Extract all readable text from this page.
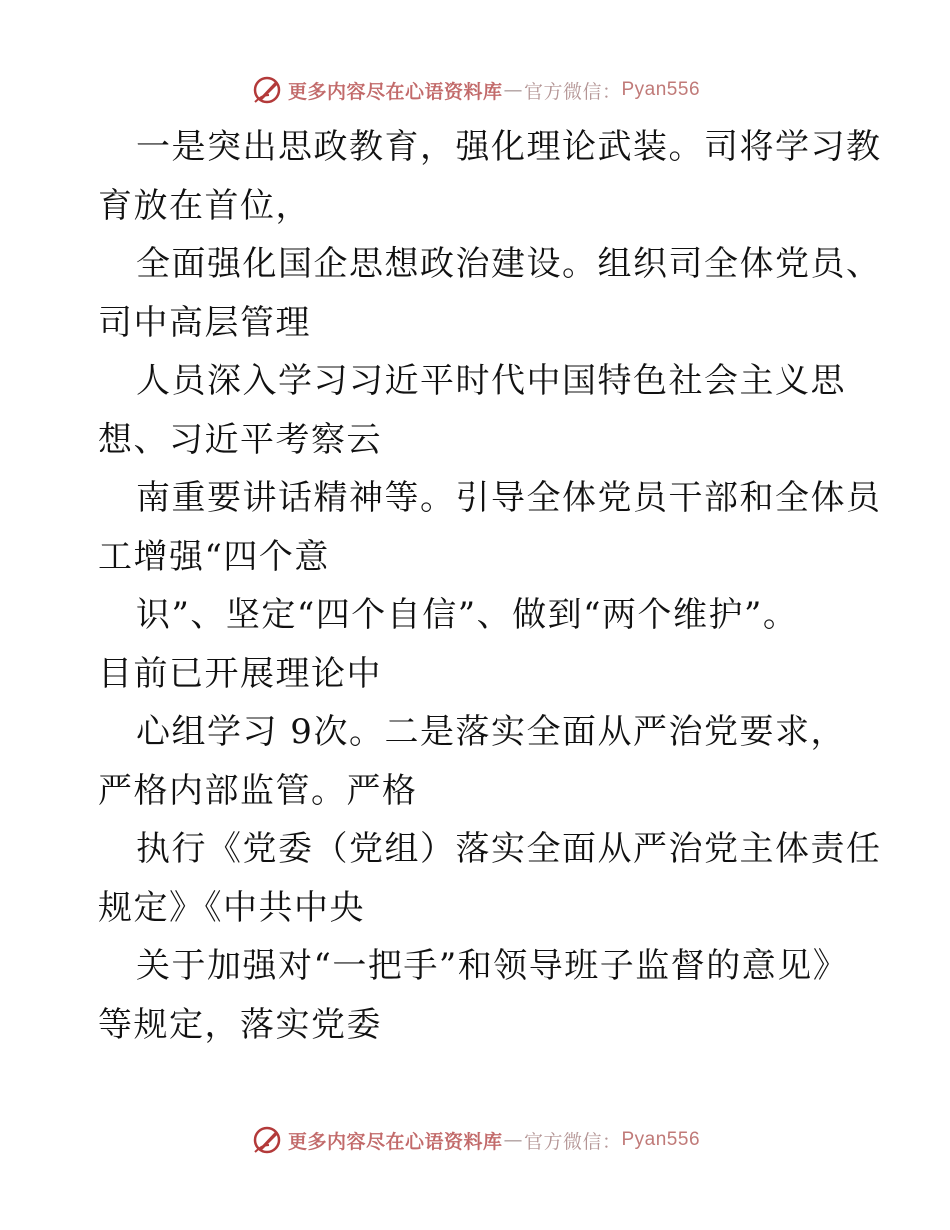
更多内容尽在心语资料库 — 官方微信： Pyan556
一是突出思政教育，强化理论武装。司将学习教
育放在首位，
全面强化国企思想政治建设。组织司全体党员、
司中高层管理
人员深入学习习近平时代中国特色社会主义思
想、习近平考察云
南重要讲话精神等。引导全体党员干部和全体员
工增强“四个意
识”、坚定“四个自信”、做到“两个维护”。
目前已开展理论中
心组学习 9次。二是落实全面从严治党要求，
严格内部监管。严格
执行《党委（党组）落实全面从严治党主体责任
规定》《中共中央
关于加强对“一把手”和领导班子监督的意见》
等规定，落实党委
更多内容尽在心语资料库 — 官方微信： Pyan556
